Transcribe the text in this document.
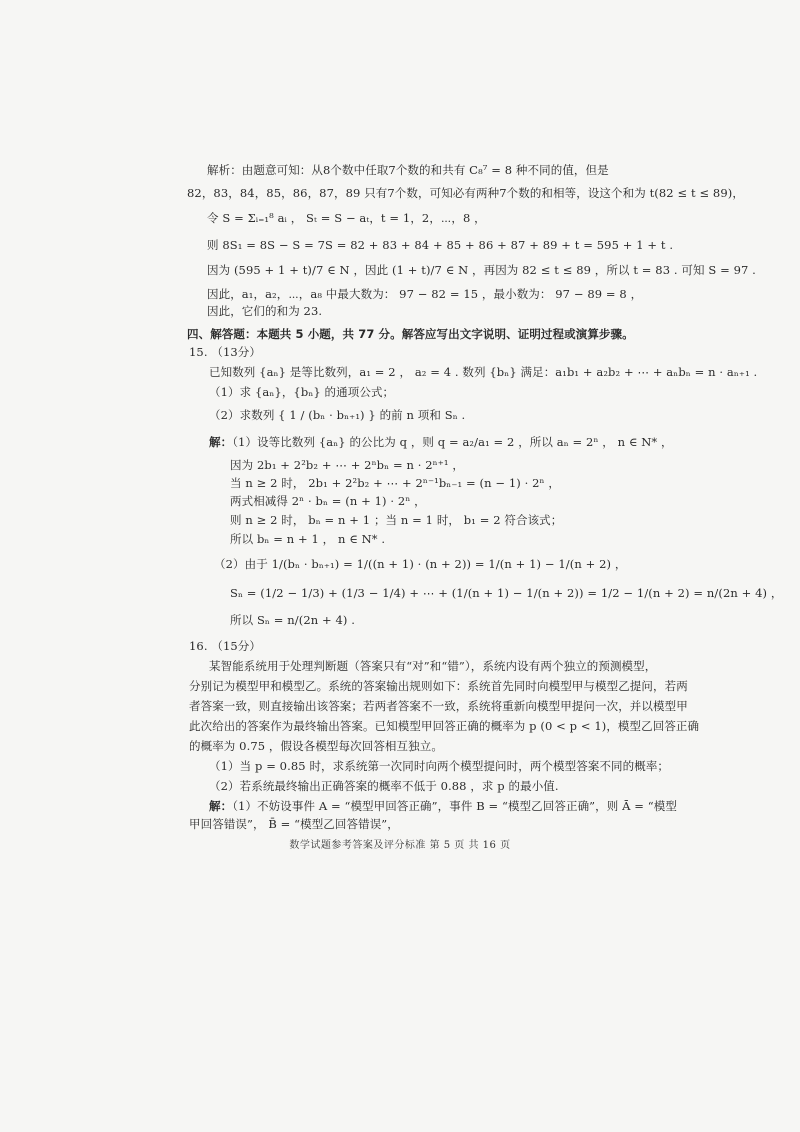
解析：由题意可知：从8个数中任取7个数的和共有 C₈⁷ = 8 种不同的值，但是
82，83，84，85，86，87，89 只有7个数，可知必有两种7个数的和相等，设这个和为 t(82 ≤ t ≤ 89)，
令 S = Σᵢ₌₁⁸ aᵢ ， Sₜ = S − aₜ，t = 1，2，⋯，8 ，
则 8S₁ = 8S − S = 7S = 82 + 83 + 84 + 85 + 86 + 87 + 89 + t = 595 + 1 + t .
因为 (595 + 1 + t)/7 ∈ N ，因此 (1 + t)/7 ∈ N ，再因为 82 ≤ t ≤ 89 ，所以 t = 83 . 可知 S = 97 .
因此，a₁，a₂，⋯，a₈ 中最大数为： 97 − 82 = 15 ，最小数为： 97 − 89 = 8 ，
因此，它们的和为 23.
四、解答题：本题共 5 小题，共 77 分。解答应写出文字说明、证明过程或演算步骤。
15. （13分）
已知数列 {aₙ} 是等比数列，a₁ = 2 ， a₂ = 4 . 数列 {bₙ} 满足：a₁b₁ + a₂b₂ + ⋯ + aₙbₙ = n · aₙ₊₁ .
（1）求 {aₙ}，{bₙ} 的通项公式；
（2）求数列 { 1 / (bₙ · bₙ₊₁) } 的前 n 项和 Sₙ .
解：（1）设等比数列 {aₙ} 的公比为 q ，则 q = a₂/a₁ = 2 ，所以 aₙ = 2ⁿ ， n ∈ N* ，
因为 2b₁ + 2²b₂ + ⋯ + 2ⁿbₙ = n · 2ⁿ⁺¹ ，
当 n ≥ 2 时， 2b₁ + 2²b₂ + ⋯ + 2ⁿ⁻¹bₙ₋₁ = (n − 1) · 2ⁿ ，
两式相减得 2ⁿ · bₙ = (n + 1) · 2ⁿ ，
则 n ≥ 2 时， bₙ = n + 1 ；当 n = 1 时， b₁ = 2 符合该式；
所以 bₙ = n + 1 ， n ∈ N* .
（2）由于 1/(bₙ · bₙ₊₁) = 1/((n + 1) · (n + 2)) = 1/(n + 1) − 1/(n + 2) ，
Sₙ = (1/2 − 1/3) + (1/3 − 1/4) + ⋯ + (1/(n + 1) − 1/(n + 2)) = 1/2 − 1/(n + 2) = n/(2n + 4) ，
所以 Sₙ = n/(2n + 4) .
16. （15分）
某智能系统用于处理判断题（答案只有“对”和“错”），系统内设有两个独立的预测模型，
分别记为模型甲和模型乙。系统的答案输出规则如下：系统首先同时向模型甲与模型乙提问，若两
者答案一致，则直接输出该答案；若两者答案不一致，系统将重新向模型甲提问一次，并以模型甲
此次给出的答案作为最终输出答案。已知模型甲回答正确的概率为 p (0 < p < 1)，模型乙回答正确
的概率为 0.75 ，假设各模型每次回答相互独立。
（1）当 p = 0.85 时，求系统第一次同时向两个模型提问时，两个模型答案不同的概率；
（2）若系统最终输出正确答案的概率不低于 0.88 ，求 p 的最小值.
解：（1）不妨设事件 A = “模型甲回答正确”，事件 B = “模型乙回答正确”，则 Ā = “模型
甲回答错误”， B̄ = “模型乙回答错误”，
数学试题参考答案及评分标准 第 5 页 共 16 页
